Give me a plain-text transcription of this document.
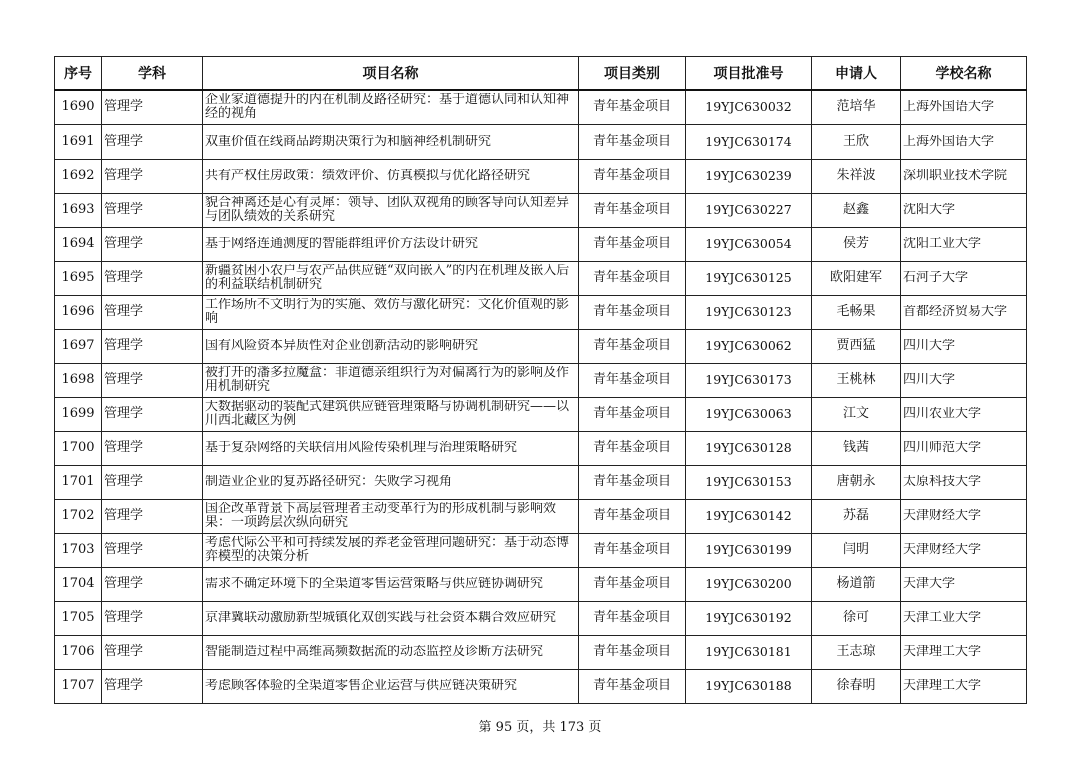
序号	学科	项目名称	项目类别	项目批准号	申请人	学校名称
1690	管理学	企业家道德提升的内在机制及路径研究：基于道德认同和认知神经的视角	青年基金项目	19YJC630032	范培华	上海外国语大学

1691	管理学	双重价值在线商品跨期决策行为和脑神经机制研究	青年基金项目	19YJC630174	王欣	上海外国语大学

1692	管理学	共有产权住房政策：绩效评价、仿真模拟与优化路径研究	青年基金项目	19YJC630239	朱祥波	深圳职业技术学院

1693	管理学	貌合神离还是心有灵犀：领导、团队双视角的顾客导向认知差异与团队绩效的关系研究	青年基金项目	19YJC630227	赵鑫	沈阳大学

1694	管理学	基于网络连通测度的智能群组评价方法设计研究	青年基金项目	19YJC630054	侯芳	沈阳工业大学

1695	管理学	新疆贫困小农户与农产品供应链“双向嵌入”的内在机理及嵌入后的利益联结机制研究	青年基金项目	19YJC630125	欧阳建军	石河子大学

1696	管理学	工作场所不文明行为的实施、效仿与激化研究：文化价值观的影响	青年基金项目	19YJC630123	毛畅果	首都经济贸易大学

1697	管理学	国有风险资本异质性对企业创新活动的影响研究	青年基金项目	19YJC630062	贾西猛	四川大学

1698	管理学	被打开的潘多拉魔盒：非道德亲组织行为对偏离行为的影响及作用机制研究	青年基金项目	19YJC630173	王桃林	四川大学

1699	管理学	大数据驱动的装配式建筑供应链管理策略与协调机制研究——以川西北藏区为例	青年基金项目	19YJC630063	江文	四川农业大学

1700	管理学	基于复杂网络的关联信用风险传染机理与治理策略研究	青年基金项目	19YJC630128	钱茜	四川师范大学

1701	管理学	制造业企业的复苏路径研究：失败学习视角	青年基金项目	19YJC630153	唐朝永	太原科技大学

1702	管理学	国企改革背景下高层管理者主动变革行为的形成机制与影响效果：一项跨层次纵向研究	青年基金项目	19YJC630142	苏磊	天津财经大学

1703	管理学	考虑代际公平和可持续发展的养老金管理问题研究：基于动态博弈模型的决策分析	青年基金项目	19YJC630199	闫明	天津财经大学

1704	管理学	需求不确定环境下的全渠道零售运营策略与供应链协调研究	青年基金项目	19YJC630200	杨道箭	天津大学

1705	管理学	京津冀联动激励新型城镇化双创实践与社会资本耦合效应研究	青年基金项目	19YJC630192	徐可	天津工业大学

1706	管理学	智能制造过程中高维高频数据流的动态监控及诊断方法研究	青年基金项目	19YJC630181	王志琼	天津理工大学

1707	管理学	考虑顾客体验的全渠道零售企业运营与供应链决策研究	青年基金项目	19YJC630188	徐春明	天津理工大学
第 95 页，共 173 页
